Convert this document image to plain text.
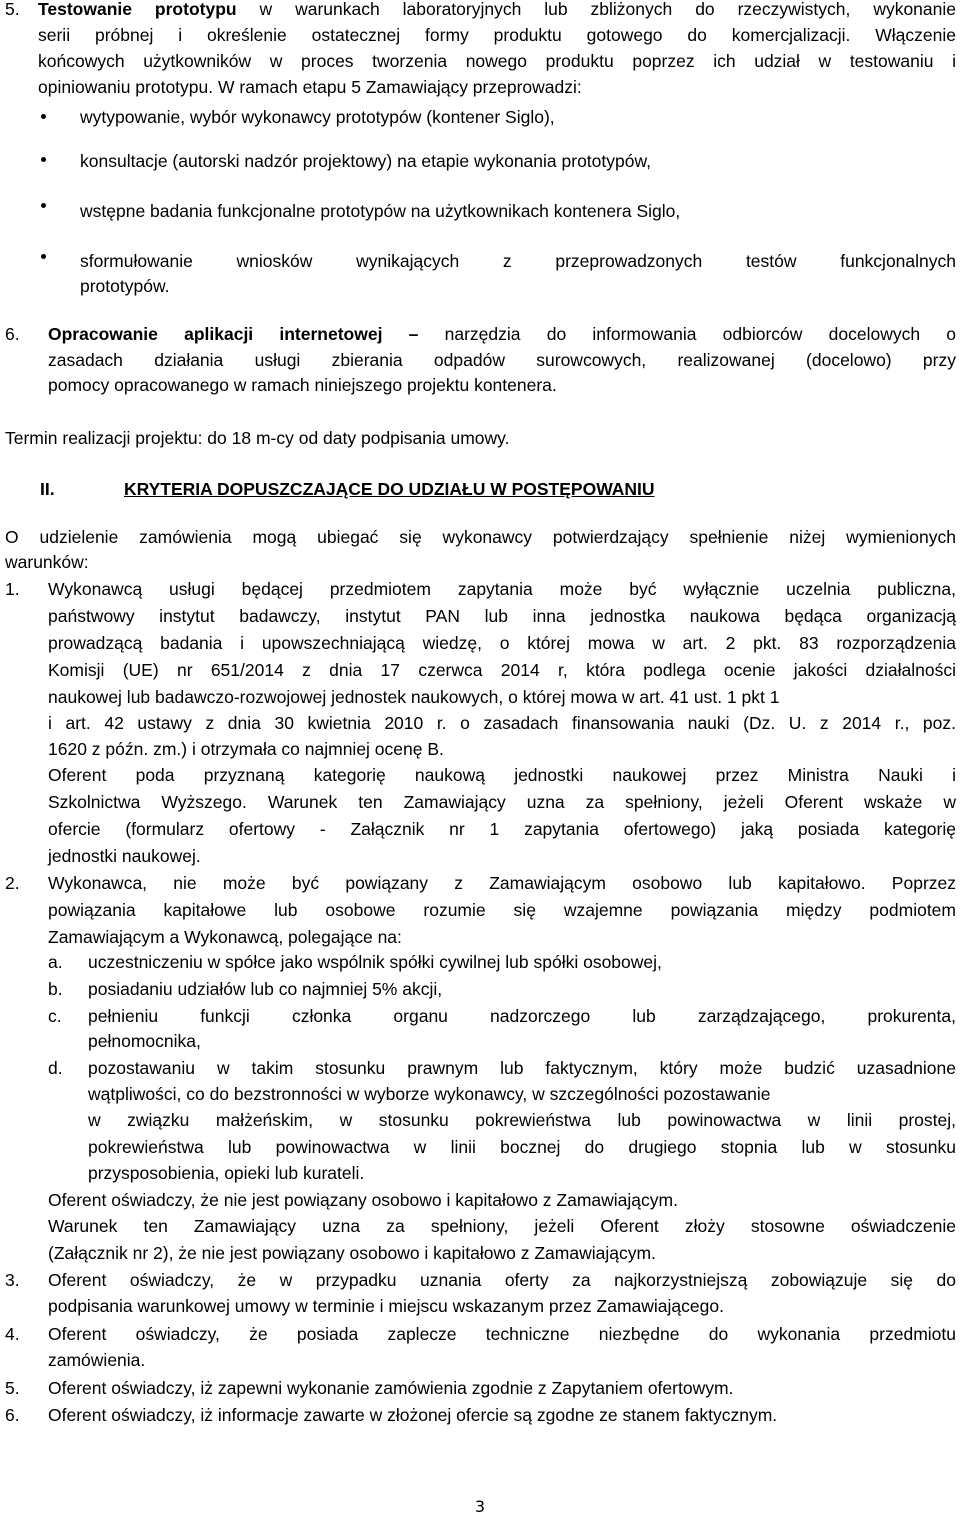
5. Testowanie prototypu w warunkach laboratoryjnych lub zbliżonych do rzeczywistych, wykonanie
serii próbnej i określenie ostatecznej formy produktu gotowego do komercjalizacji. Włączenie
końcowych użytkowników w proces tworzenia nowego produktu poprzez ich udział w testowaniu i
opiniowaniu prototypu. W ramach etapu 5 Zamawiający przeprowadzi:
wytypowanie, wybór wykonawcy prototypów (kontener Siglo),
konsultacje (autorski nadzór projektowy) na etapie wykonania prototypów,
wstępne badania funkcjonalne prototypów na użytkownikach kontenera Siglo,
sformułowanie wniosków wynikających z przeprowadzonych testów funkcjonalnych
prototypów.
6. Opracowanie aplikacji internetowej – narzędzia do informowania odbiorców docelowych o
zasadach działania usługi zbierania odpadów surowcowych, realizowanej (docelowo) przy
pomocy opracowanego w ramach niniejszego projektu kontenera.
Termin realizacji projektu: do 18 m-cy od daty podpisania umowy.
II.	KRYTERIA DOPUSZCZAJĄCE DO UDZIAŁU W POSTĘPOWANIU
O udzielenie zamówienia mogą ubiegać się wykonawcy potwierdzający spełnienie niżej wymienionych
warunków:
1. Wykonawcą usługi będącej przedmiotem zapytania może być wyłącznie uczelnia publiczna,
państwowy instytut badawczy, instytut PAN lub inna jednostka naukowa będąca organizacją
prowadzącą badania i upowszechniającą wiedzę, o której mowa w art. 2 pkt. 83 rozporządzenia
Komisji (UE) nr 651/2014 z dnia 17 czerwca 2014 r, która podlega ocenie jakości działalności
naukowej lub badawczo-rozwojowej jednostek naukowych, o której mowa w art. 41 ust. 1 pkt 1
i art. 42 ustawy z dnia 30 kwietnia 2010 r. o zasadach finansowania nauki (Dz. U. z 2014 r., poz.
1620 z późn. zm.) i otrzymała co najmniej ocenę B.
Oferent poda przyznaną kategorię naukową jednostki naukowej przez Ministra Nauki i
Szkolnictwa Wyższego. Warunek ten Zamawiający uzna za spełniony, jeżeli Oferent wskaże w
ofercie (formularz ofertowy - Załącznik nr 1 zapytania ofertowego) jaką posiada kategorię
jednostki naukowej.
2. Wykonawca, nie może być powiązany z Zamawiającym osobowo lub kapitałowo. Poprzez
powiązania kapitałowe lub osobowe rozumie się wzajemne powiązania między podmiotem
Zamawiającym a Wykonawcą, polegające na:
a. uczestniczeniu w spółce jako wspólnik spółki cywilnej lub spółki osobowej,
b. posiadaniu udziałów lub co najmniej 5% akcji,
c. pełnieniu funkcji członka organu nadzorczego lub zarządzającego, prokurenta,
pełnomocnika,
d. pozostawaniu w takim stosunku prawnym lub faktycznym, który może budzić uzasadnione
wątpliwości, co do bezstronności w wyborze wykonawcy, w szczególności pozostawanie
w związku małżeńskim, w stosunku pokrewieństwa lub powinowactwa w linii prostej,
pokrewieństwa lub powinowactwa w linii bocznej do drugiego stopnia lub w stosunku
przysposobienia, opieki lub kurateli.
Oferent oświadczy, że nie jest powiązany osobowo i kapitałowo z Zamawiającym.
Warunek ten Zamawiający uzna za spełniony, jeżeli Oferent złoży stosowne oświadczenie
(Załącznik nr 2), że nie jest powiązany osobowo i kapitałowo z Zamawiającym.
3. Oferent oświadczy, że w przypadku uznania oferty za najkorzystniejszą zobowiązuje się do
podpisania warunkowej umowy w terminie i miejscu wskazanym przez Zamawiającego.
4. Oferent oświadczy, że posiada zaplecze techniczne niezbędne do wykonania przedmiotu
zamówienia.
5. Oferent oświadczy, iż zapewni wykonanie zamówienia zgodnie z Zapytaniem ofertowym.
6. Oferent oświadczy, iż informacje zawarte w złożonej ofercie są zgodne ze stanem faktycznym.
3
